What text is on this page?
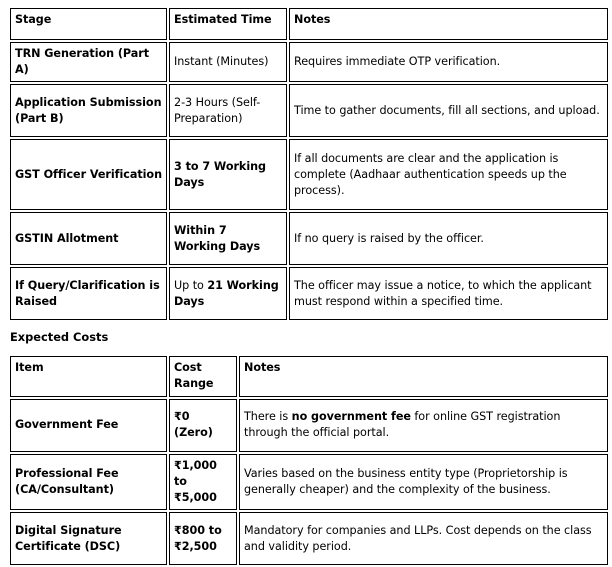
Stage	Estimated Time	Notes
TRN Generation (Part A)	Instant (Minutes)	Requires immediate OTP verification.
Application Submission (Part B)	2-3 Hours (Self-Preparation)	Time to gather documents, fill all sections, and upload.
GST Officer Verification	3 to 7 Working Days	If all documents are clear and the application is complete (Aadhaar authentication speeds up the process).
GSTIN Allotment	Within 7 Working Days	If no query is raised by the officer.
If Query/Clarification is Raised	Up to 21 Working Days	The officer may issue a notice, to which the applicant must respond within a specified time.
Expected Costs
Item	Cost Range	Notes
Government Fee	₹0 (Zero)	There is no government fee for online GST registration through the official portal.
Professional Fee (CA/Consultant)	₹1,000 to ₹5,000	Varies based on the business entity type (Proprietorship is generally cheaper) and the complexity of the business.
Digital Signature Certificate (DSC)	₹800 to ₹2,500	Mandatory for companies and LLPs. Cost depends on the class and validity period.
